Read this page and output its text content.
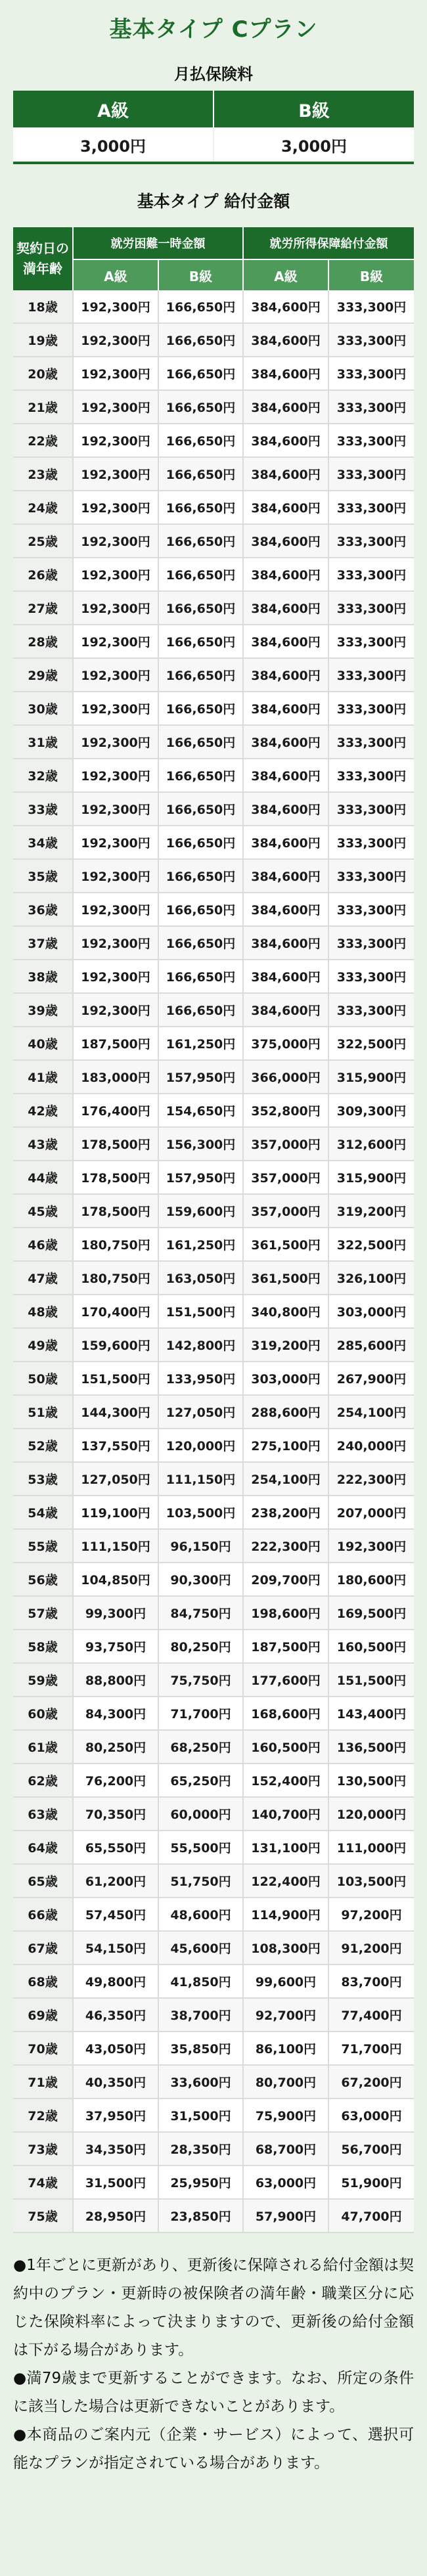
基本タイプ Cプラン
月払保険料
A級	B級
3,000円	3,000円
基本タイプ 給付金額
契約日の満年齢	就労困難一時金額		就労所得保障給付金額	
	A級	B級	A級	B級
18歳	192,300円	166,650円	384,600円	333,300円
19歳	192,300円	166,650円	384,600円	333,300円
20歳	192,300円	166,650円	384,600円	333,300円
21歳	192,300円	166,650円	384,600円	333,300円
22歳	192,300円	166,650円	384,600円	333,300円
23歳	192,300円	166,650円	384,600円	333,300円
24歳	192,300円	166,650円	384,600円	333,300円
25歳	192,300円	166,650円	384,600円	333,300円
26歳	192,300円	166,650円	384,600円	333,300円
27歳	192,300円	166,650円	384,600円	333,300円
28歳	192,300円	166,650円	384,600円	333,300円
29歳	192,300円	166,650円	384,600円	333,300円
30歳	192,300円	166,650円	384,600円	333,300円
31歳	192,300円	166,650円	384,600円	333,300円
32歳	192,300円	166,650円	384,600円	333,300円
33歳	192,300円	166,650円	384,600円	333,300円
34歳	192,300円	166,650円	384,600円	333,300円
35歳	192,300円	166,650円	384,600円	333,300円
36歳	192,300円	166,650円	384,600円	333,300円
37歳	192,300円	166,650円	384,600円	333,300円
38歳	192,300円	166,650円	384,600円	333,300円
39歳	192,300円	166,650円	384,600円	333,300円
40歳	187,500円	161,250円	375,000円	322,500円
41歳	183,000円	157,950円	366,000円	315,900円
42歳	176,400円	154,650円	352,800円	309,300円
43歳	178,500円	156,300円	357,000円	312,600円
44歳	178,500円	157,950円	357,000円	315,900円
45歳	178,500円	159,600円	357,000円	319,200円
46歳	180,750円	161,250円	361,500円	322,500円
47歳	180,750円	163,050円	361,500円	326,100円
48歳	170,400円	151,500円	340,800円	303,000円
49歳	159,600円	142,800円	319,200円	285,600円
50歳	151,500円	133,950円	303,000円	267,900円
51歳	144,300円	127,050円	288,600円	254,100円
52歳	137,550円	120,000円	275,100円	240,000円
53歳	127,050円	111,150円	254,100円	222,300円
54歳	119,100円	103,500円	238,200円	207,000円
55歳	111,150円	96,150円	222,300円	192,300円
56歳	104,850円	90,300円	209,700円	180,600円
57歳	99,300円	84,750円	198,600円	169,500円
58歳	93,750円	80,250円	187,500円	160,500円
59歳	88,800円	75,750円	177,600円	151,500円
60歳	84,300円	71,700円	168,600円	143,400円
61歳	80,250円	68,250円	160,500円	136,500円
62歳	76,200円	65,250円	152,400円	130,500円
63歳	70,350円	60,000円	140,700円	120,000円
64歳	65,550円	55,500円	131,100円	111,000円
65歳	61,200円	51,750円	122,400円	103,500円
66歳	57,450円	48,600円	114,900円	97,200円
67歳	54,150円	45,600円	108,300円	91,200円
68歳	49,800円	41,850円	99,600円	83,700円
69歳	46,350円	38,700円	92,700円	77,400円
70歳	43,050円	35,850円	86,100円	71,700円
71歳	40,350円	33,600円	80,700円	67,200円
72歳	37,950円	31,500円	75,900円	63,000円
73歳	34,350円	28,350円	68,700円	56,700円
74歳	31,500円	25,950円	63,000円	51,900円
75歳	28,950円	23,850円	57,900円	47,700円

●1年ごとに更新があり、更新後に保障される給付金額は契約中のプラン・更新時の被保険者の満年齢・職業区分に応じた保険料率によって決まりますので、更新後の給付金額は下がる場合があります。

●満79歳まで更新することができます。なお、所定の条件に該当した場合は更新できないことがあります。

●本商品のご案内元（企業・サービス）によって、選択可能なプランが指定されている場合があります。
